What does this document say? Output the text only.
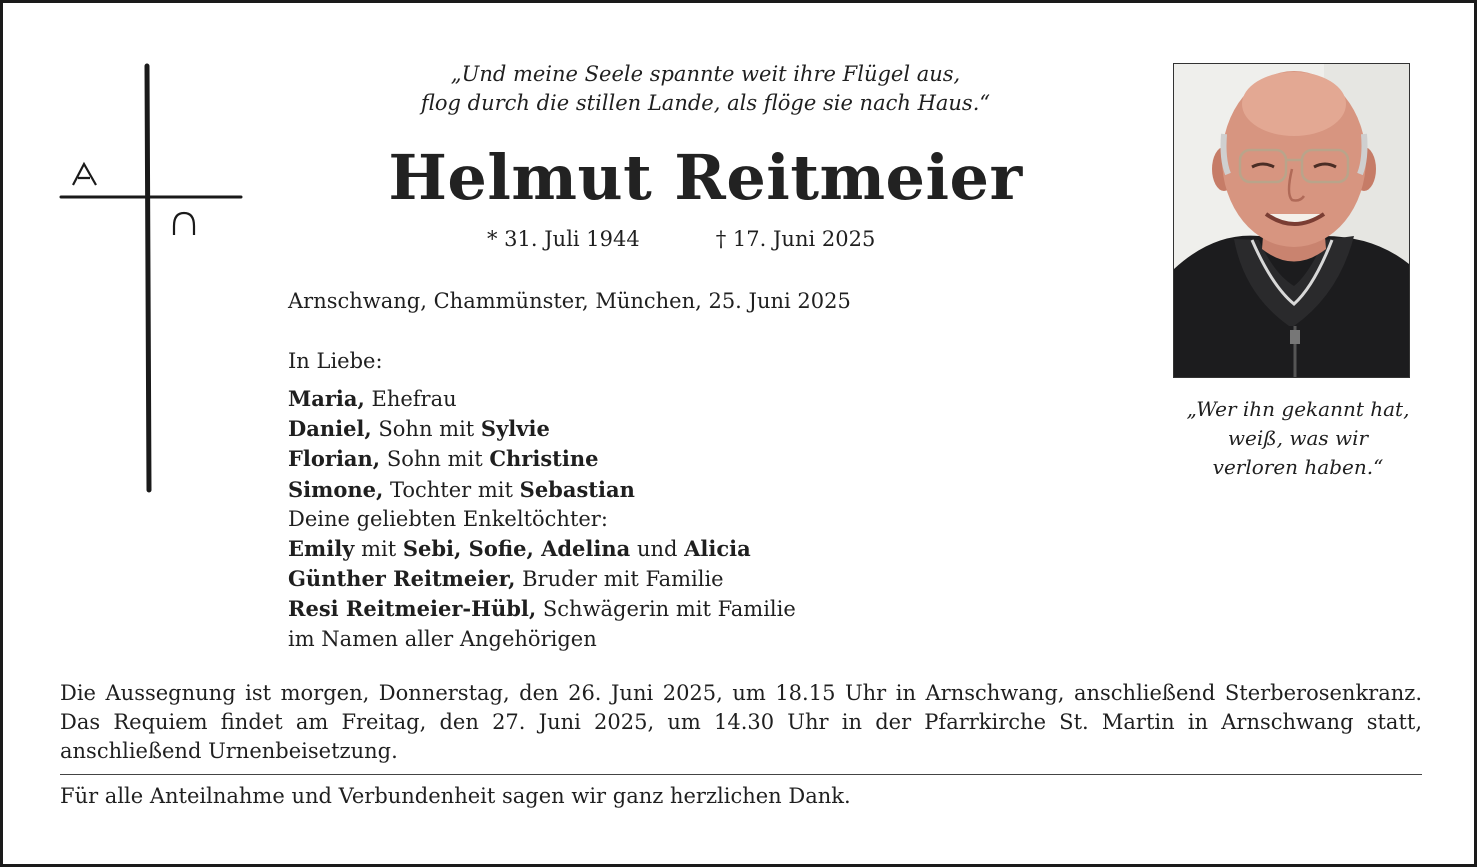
„Und meine Seele spannte weit ihre Flügel aus,
flog durch die stillen Lande, als flöge sie nach Haus.“
Helmut Reitmeier
* 31. Juli 1944	† 17. Juni 2025
Arnschwang, Chammünster, München, 25. Juni 2025
In Liebe:
Maria, Ehefrau
Daniel, Sohn mit Sylvie
Florian, Sohn mit Christine
Simone, Tochter mit Sebastian
Deine geliebten Enkeltöchter:
Emily mit Sebi, Sofie, Adelina und Alicia
Günther Reitmeier, Bruder mit Familie
Resi Reitmeier-Hübl, Schwägerin mit Familie
im Namen aller Angehörigen
„Wer ihn gekannt hat,
weiß, was wir
verloren haben.“
Die Aussegnung ist morgen, Donnerstag, den 26. Juni 2025, um 18.15 Uhr in Arnschwang, anschließend Sterberosenkranz. Das Requiem findet am Freitag, den 27. Juni 2025, um 14.30 Uhr in der Pfarrkirche St. Martin in Arnschwang statt, anschließend Urnenbeisetzung.
Für alle Anteilnahme und Verbundenheit sagen wir ganz herzlichen Dank.
